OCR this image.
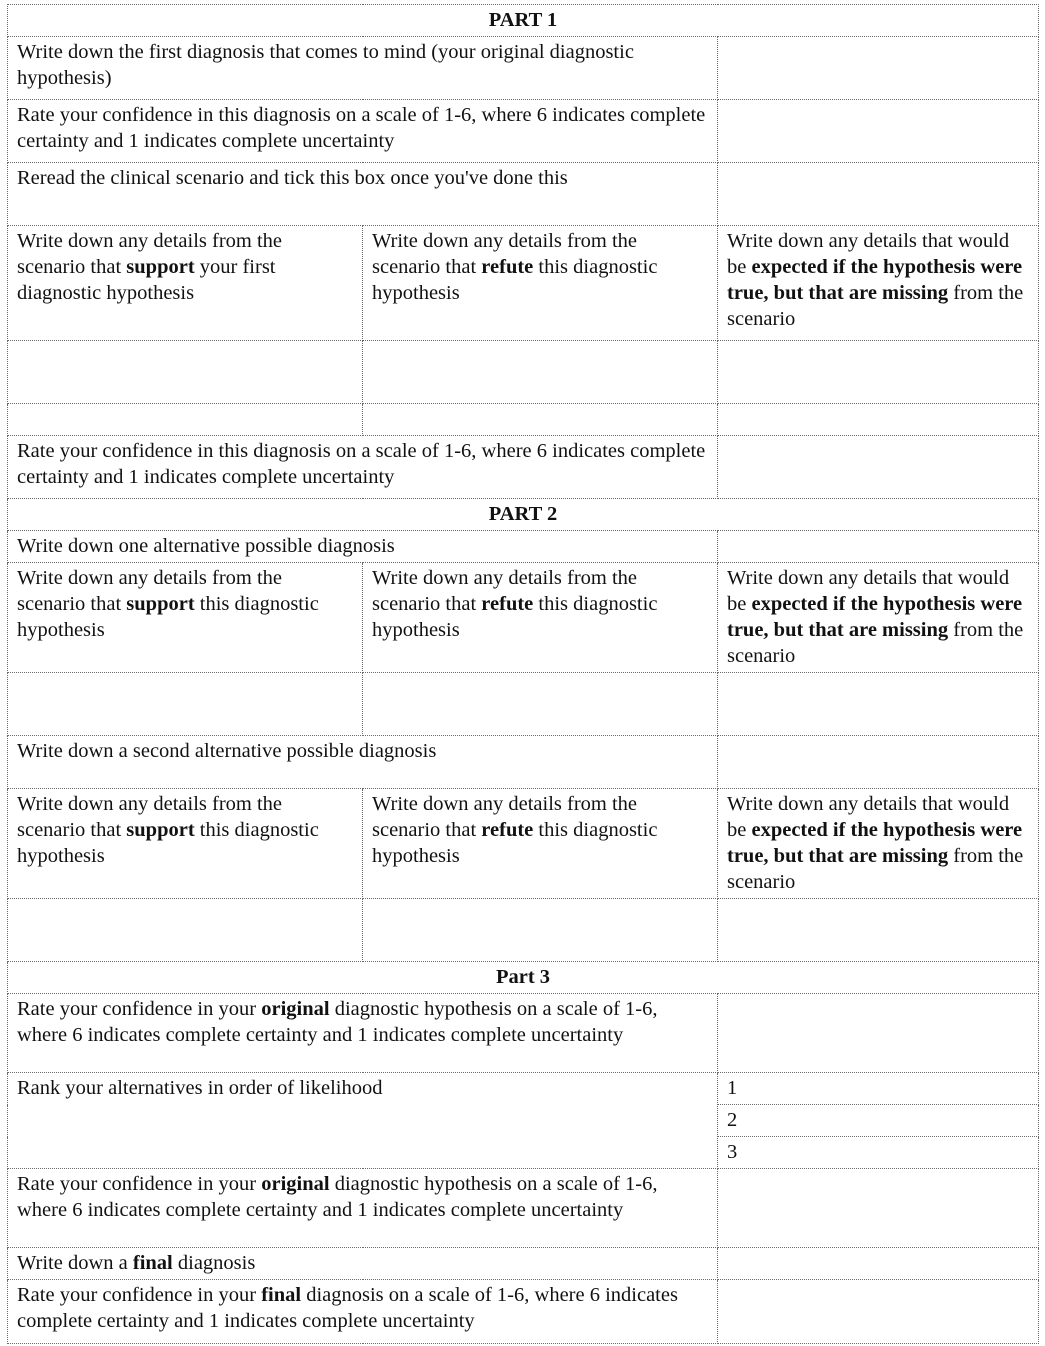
PART 1		
Write down the first diagnosis that comes to mind (your original diagnostic hypothesis)		
Rate your confidence in this diagnosis on a scale of 1-6, where 6 indicates complete certainty and 1 indicates complete uncertainty		
Reread the clinical scenario and tick this box once you've done this		
Write down any details from the scenario that support your first diagnostic hypothesis	Write down any details from the scenario that refute this diagnostic hypothesis	Write down any details that would be expected if the hypothesis were true, but that are missing from the scenario

Rate your confidence in this diagnosis on a scale of 1-6, where 6 indicates complete certainty and 1 indicates complete uncertainty		
PART 2		
Write down one alternative possible diagnosis		
Write down any details from the scenario that support this diagnostic hypothesis	Write down any details from the scenario that refute this diagnostic hypothesis	Write down any details that would be expected if the hypothesis were true, but that are missing from the scenario

Write down a second alternative possible diagnosis		
Write down any details from the scenario that support this diagnostic hypothesis	Write down any details from the scenario that refute this diagnostic hypothesis	Write down any details that would be expected if the hypothesis were true, but that are missing from the scenario

Part 3		
Rate your confidence in your original diagnostic hypothesis on a scale of 1-6, where 6 indicates complete certainty and 1 indicates complete uncertainty		
Rank your alternatives in order of likelihood		1
		2
		3
Rate your confidence in your original diagnostic hypothesis on a scale of 1-6, where 6 indicates complete certainty and 1 indicates complete uncertainty		
Write down a final diagnosis		
Rate your confidence in your final diagnosis on a scale of 1-6, where 6 indicates complete certainty and 1 indicates complete uncertainty		
